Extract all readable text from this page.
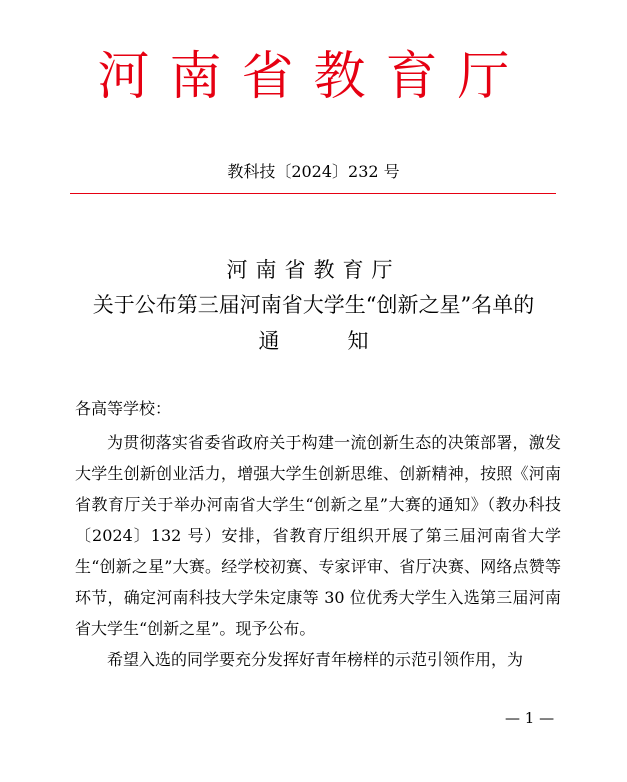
河南省教育厅
教科技〔2024〕232 号
河南省教育厅
关于公布第三届河南省大学生“创新之星”名单的
通	知
各高等学校：

为贯彻落实省委省政府关于构建一流创新生态的决策部署，激发大学生创新创业活力，增强大学生创新思维、创新精神，按照《河南省教育厅关于举办河南省大学生“创新之星”大赛的通知》（教办科技〔2024〕132 号）安排，省教育厅组织开展了第三届河南省大学生“创新之星”大赛。经学校初赛、专家评审、省厅决赛、网络点赞等环节，确定河南科技大学朱定康等 30 位优秀大学生入选第三届河南省大学生“创新之星”。现予公布。

希望入选的同学要充分发挥好青年榜样的示范引领作用，为

— 1 —
